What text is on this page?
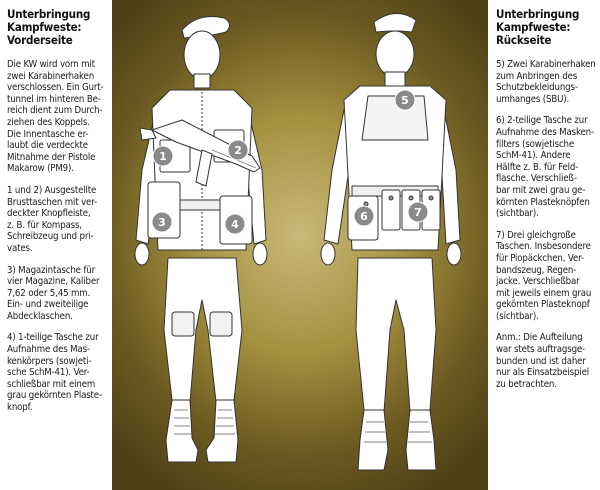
Unterbringung
Kampfweste:
Vorderseite
Die KW wird vorn mit
zwei Karabinerhaken
verschlossen. Ein Gurt-
tunnel im hinteren Be-
reich dient zum Durch-
ziehen des Koppels.
Die Innentasche er-
laubt die verdeckte
Mitnahme der Pistole
Makarow (PM9).
1 und 2) Ausgestellte
Brusttaschen mit ver-
deckter Knopfleiste,
z. B. für Kompass,
Schreibzeug und pri-
vates.
3) Magazintasche für
vier Magazine, Kaliber
7,62 oder 5,45 mm.
Ein- und zweiteilige
Abdecklaschen.
4) 1-teilige Tasche zur
Aufnahme des Mas-
kenkörpers (sowjeti-
sche SchM-41). Ver-
schließbar mit einem
grau gekörnten Plaste-
knopf.
1	2
3	4
5
6	7
Unterbringung
Kampfweste:
Rückseite
5) Zwei Karabinerhaken
zum Anbringen des
Schutzbekleidungs-
umhanges (SBU).
6) 2-teilige Tasche zur
Aufnahme des Masken-
filters (sowjetische
SchM-41). Andere
Hälfte z. B. für Feld-
flasche. Verschließ-
bar mit zwei grau ge-
körnten Plasteknöpfen
(sichtbar).
7) Drei gleichgroße
Taschen. Insbesondere
für Piopäckchen, Ver-
bandszeug, Regen-
jacke. Verschließbar
mit jeweils einem grau
gekörnten Plasteknopf
(sichtbar).
Anm.: Die Aufteilung
war stets auftragsge-
bunden und ist daher
nur als Einsatzbeispiel
zu betrachten.
